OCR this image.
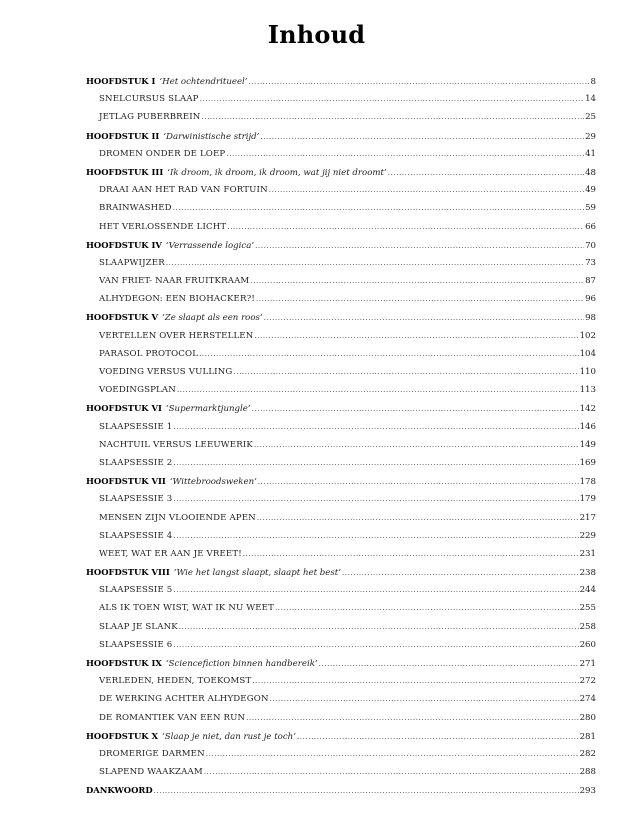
Inhoud
HOOFDSTUK I ‘Het ochtendritueel’ .....	8
SNELCURSUS SLAAP .....	14
JETLAG PUBERBREIN .....	25
HOOFDSTUK II ‘Darwinistische strijd’ .....	29
DROMEN ONDER DE LOEP .....	41
HOOFDSTUK III ‘Ik droom, ik droom, ik droom, wat jij niet droomt’ .....	48
DRAAI AAN HET RAD VAN FORTUIN .....	49
BRAINWASHED .....	59
HET VERLOSSENDE LICHT .....	66
HOOFDSTUK IV ‘Verrassende logica’ .....	70
SLAAPWIJZER .....	73
VAN FRIET- NAAR FRUITKRAAM .....	87
ALHYDEGON: EEN BIOHACKER?! .....	96
HOOFDSTUK V ‘Ze slaapt als een roos’ .....	98
VERTELLEN OVER HERSTELLEN .....	102
PARASOL PROTOCOL .....	104
VOEDING VERSUS VULLING .....	110
VOEDINGSPLAN .....	113
HOOFDSTUK VI ‘Supermarktjungle’ .....	142
SLAAPSESSIE 1 .....	146
NACHTUIL VERSUS LEEUWERIK .....	149
SLAAPSESSIE 2 .....	169
HOOFDSTUK VII ‘Wittebroodsweken’ .....	178
SLAAPSESSIE 3 .....	179
MENSEN ZIJN VLOOIENDE APEN .....	217
SLAAPSESSIE 4 .....	229
WEET, WAT ER AAN JE VREET! .....	231
HOOFDSTUK VIII ‘Wie het langst slaapt, slaapt het best’ .....	238
SLAAPSESSIE 5 .....	244
ALS IK TOEN WIST, WAT IK NU WEET .....	255
SLAAP JE SLANK .....	258
SLAAPSESSIE 6 .....	260
HOOFDSTUK IX ‘Sciencefiction binnen handbereik’ .....	271
VERLEDEN, HEDEN, TOEKOMST .....	272
DE WERKING ACHTER ALHYDEGON .....	274
DE ROMANTIEK VAN EEN RUN .....	280
HOOFDSTUK X ‘Slaap je niet, dan rust je toch’ .....	281
DROMERIGE DARMEN .....	282
SLAPEND WAAKZAAM .....	288
DANKWOORD .....	293
